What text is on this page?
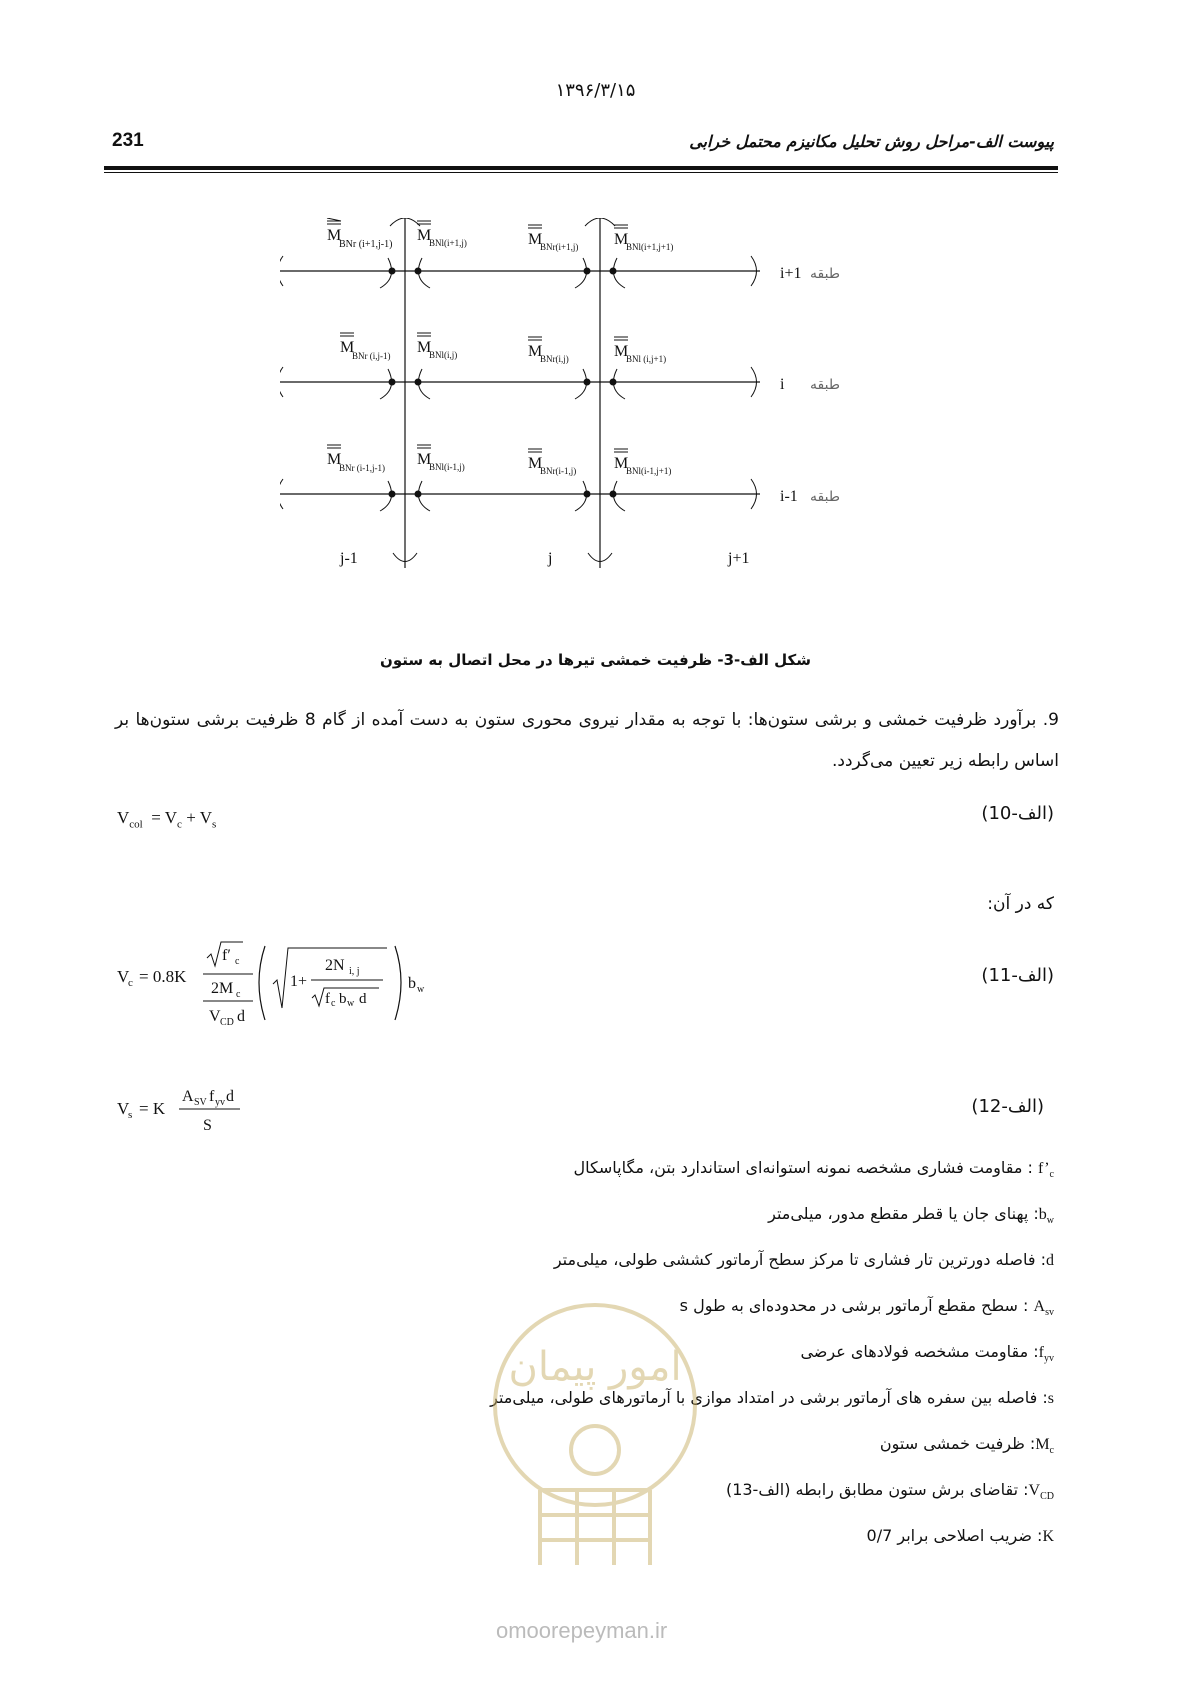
۱۳۹۶/۳/۱۵
231	پیوست الف-مراحل روش تحلیل مکانیزم محتمل خرابی
M
BNr (i+1,j-1)
M
BNl(i+1,j)	M
BNr(i+1,j) M
BNl(i+1,j+1)
M
BNr (i,j-1) M
BNl(i,j)	M
BNr(i,j)	M
BNl (i,j+1)
M
BNr (i-1,j-1) M
BNl(i-1,j)	M
BNr(i-1,j) M
BNl(i-1,j+1)
i+1 طبقه
i طبقه
i-1 طبقه
j-1	j	j+1
شکل الف-3- ظرفیت خمشی تیرها در محل اتصال به ستون
9. برآورد ظرفیت خمشی و برشی ستون‌ها: با توجه به مقدار نیروی محوری ستون به دست آمده از گام 8 ظرفیت برشی ستون‌ها بر اساس رابطه زیر تعیین می‌گردد.
$V_{col} = V_c + V_s$
(الف-10)
که در آن:
V
c = 0.8K
f′ c
2M c
V CD d
1+
2N i, j
f c b w d
b w
(الف-11)
V
s = K
A SV f yv d
S
(الف-12)
$f’_c$ : مقاومت فشاری مشخصه نمونه استوانه‌ای استاندارد بتن، مگاپاسکال
$b_w$: پهنای جان یا قطر مقطع مدور، میلی‌متر
d: فاصله دورترین تار فشاری تا مرکز سطح آرماتور کششی طولی، میلی‌متر
$A_{sv}$ : سطح مقطع آرماتور برشی در محدوده‌ای به طول s
$f_{yv}$: مقاومت مشخصه فولادهای عرضی
s: فاصله بین سفره های آرماتور برشی در امتداد موازی با آرماتورهای طولی، میلی‌متر
$M_c$: ظرفیت خمشی ستون
$V_{CD}$: تقاضای برش ستون مطابق رابطه (الف-13)
K: ضریب اصلاحی برابر 0/7
امور پیمان
omoorepeyman.ir
